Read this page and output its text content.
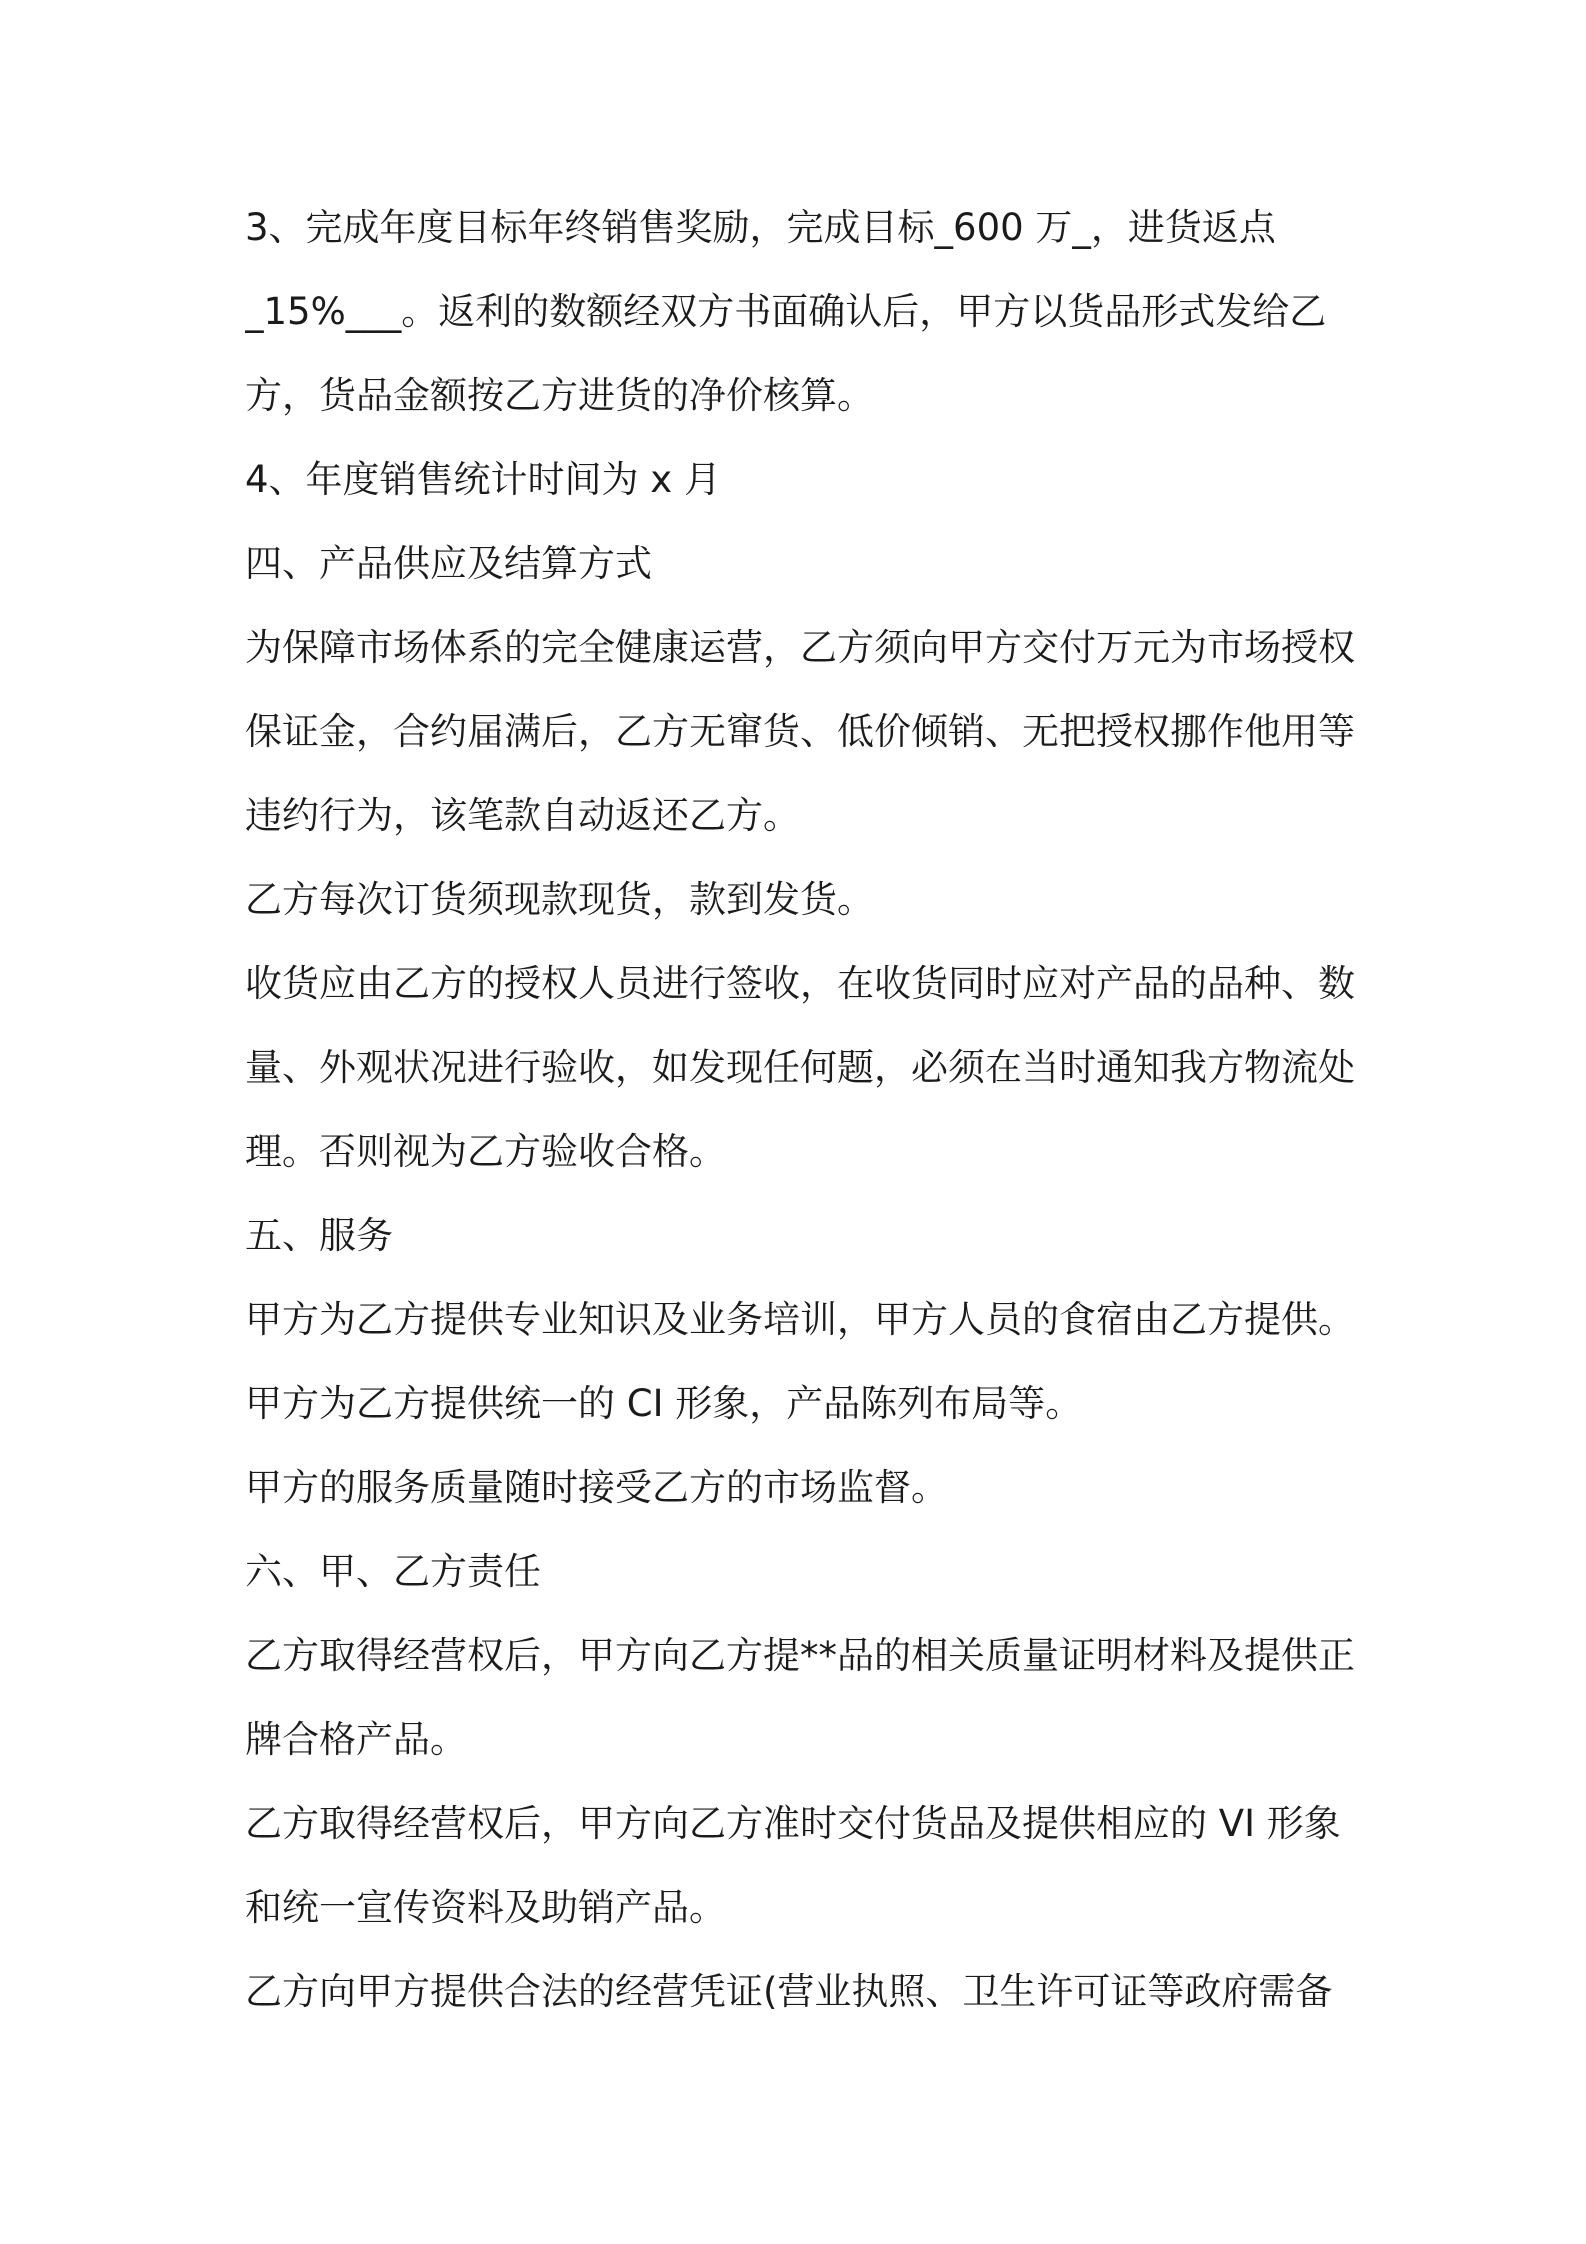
3、完成年度目标年终销售奖励，完成目标_600 万_，进货返点
_15%___。返利的数额经双方书面确认后，甲方以货品形式发给乙
方，货品金额按乙方进货的净价核算。
4、年度销售统计时间为 x 月
四、产品供应及结算方式
为保障市场体系的完全健康运营，乙方须向甲方交付万元为市场授权
保证金，合约届满后，乙方无窜货、低价倾销、无把授权挪作他用等
违约行为，该笔款自动返还乙方。
乙方每次订货须现款现货，款到发货。
收货应由乙方的授权人员进行签收，在收货同时应对产品的品种、数
量、外观状况进行验收，如发现任何题，必须在当时通知我方物流处
理。否则视为乙方验收合格。
五、服务
甲方为乙方提供专业知识及业务培训，甲方人员的食宿由乙方提供。
甲方为乙方提供统一的 CI 形象，产品陈列布局等。
甲方的服务质量随时接受乙方的市场监督。
六、甲、乙方责任
乙方取得经营权后，甲方向乙方提**品的相关质量证明材料及提供正
牌合格产品。
乙方取得经营权后，甲方向乙方准时交付货品及提供相应的 VI 形象
和统一宣传资料及助销产品。
乙方向甲方提供合法的经营凭证(营业执照、卫生许可证等政府需备
